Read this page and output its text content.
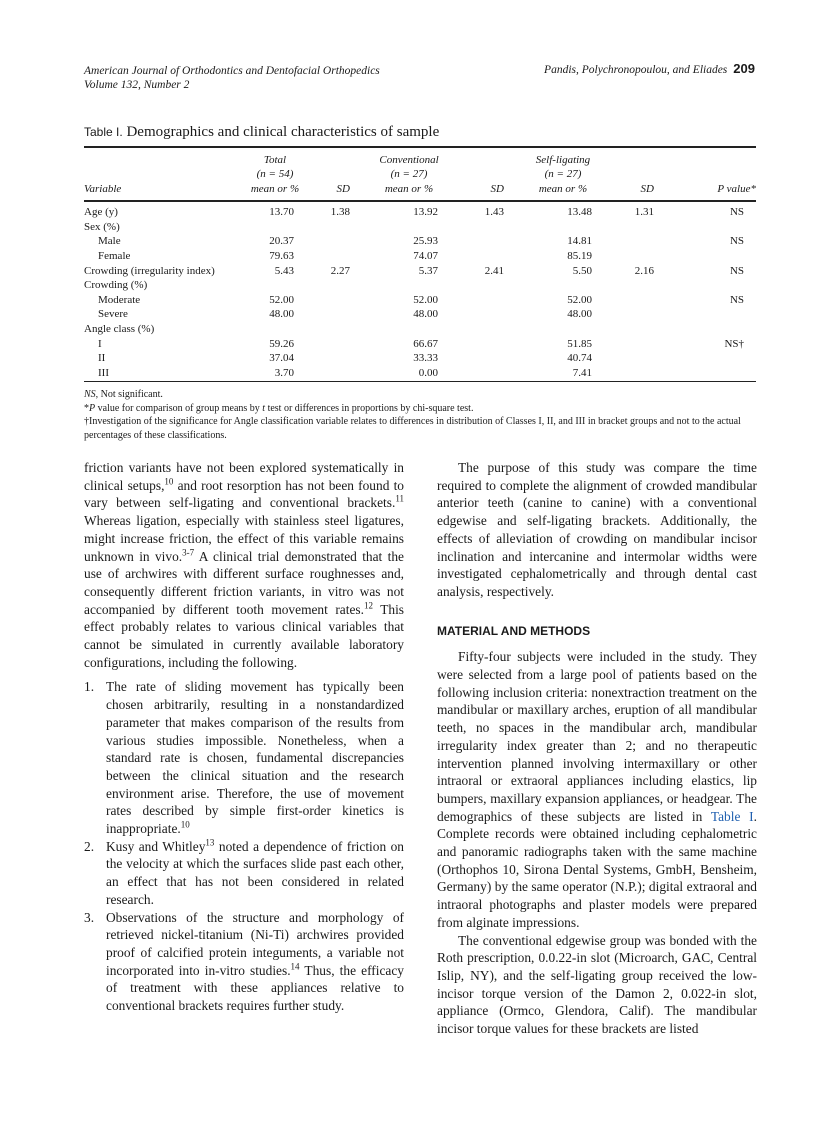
American Journal of Orthodontics and Dentofacial Orthopedics
Volume 132, Number 2
Pandis, Polychronopoulou, and Eliades 209
Table I. Demographics and clinical characteristics of sample
	Total		Conventional		Self-ligating		
	(n = 54)		(n = 27)		(n = 27)		
Variable	mean or %	SD	mean or %	SD	mean or %	SD	P value*
Age (y)	13.70	1.38	13.92	1.43	13.48	1.31	NS
Sex (%)							
Male	20.37		25.93		14.81		NS
Female	79.63		74.07		85.19		
Crowding (irregularity index)	5.43	2.27	5.37	2.41	5.50	2.16	NS
Crowding (%)							
Moderate	52.00		52.00		52.00		NS
Severe	48.00		48.00		48.00		
Angle class (%)							
I	59.26		66.67		51.85		NS†
II	37.04		33.33		40.74		
III	3.70		0.00		7.41		
NS, Not significant.
*P value for comparison of group means by t test or differences in proportions by chi-square test.
†Investigation of the significance for Angle classification variable relates to differences in distribution of Classes I, II, and III in bracket groups and not to the actual percentages of these classifications.

friction variants have not been explored systematically in clinical setups,$^{10}$ and root resorption has not been found to vary between self-ligating and conventional brackets.$^{11}$ Whereas ligation, especially with stainless steel ligatures, might increase friction, the effect of this variable remains unknown in vivo.$^{3-7}$ A clinical trial demonstrated that the use of archwires with different surface roughnesses and, consequently different friction variants, in vitro was not accompanied by different tooth movement rates.$^{12}$ This effect probably relates to various clinical variables that cannot be simulated in currently available laboratory configurations, including the following.

1. The rate of sliding movement has typically been chosen arbitrarily, resulting in a nonstandardized parameter that makes comparison of the results from various studies impossible. Nonetheless, when a standard rate is chosen, fundamental discrepancies between the clinical situation and the research environment arise. Therefore, the use of movement rates described by simple first-order kinetics is inappropriate.$^{10}$
2. Kusy and Whitley$^{13}$ noted a dependence of friction on the velocity at which the surfaces slide past each other, an effect that has not been considered in related research.
3. Observations of the structure and morphology of retrieved nickel-titanium (Ni-Ti) archwires provided proof of calcified protein integuments, a variable not incorporated into in-vitro studies.$^{14}$ Thus, the efficacy of treatment with these appliances relative to conventional brackets requires further study.

The purpose of this study was compare the time required to complete the alignment of crowded mandibular anterior teeth (canine to canine) with a conventional edgewise and self-ligating brackets. Additionally, the effects of alleviation of crowding on mandibular incisor inclination and intercanine and intermolar widths were investigated cephalometrically and through dental cast analysis, respectively.

MATERIAL AND METHODS

Fifty-four subjects were included in the study. They were selected from a large pool of patients based on the following inclusion criteria: nonextraction treatment on the mandibular or maxillary arches, eruption of all mandibular teeth, no spaces in the mandibular arch, mandibular irregularity index greater than 2; and no therapeutic intervention planned involving intermaxillary or other intraoral or extraoral appliances including elastics, lip bumpers, maxillary expansion appliances, or headgear. The demographics of these subjects are listed in Table I. Complete records were obtained including cephalometric and panoramic radiographs taken with the same machine (Orthophos 10, Sirona Dental Systems, GmbH, Bensheim, Germany) by the same operator (N.P.); digital extraoral and intraoral photographs and plaster models were prepared from alginate impressions.

The conventional edgewise group was bonded with the Roth prescription, 0.0.22-in slot (Microarch, GAC, Central Islip, NY), and the self-ligating group received the low-incisor torque version of the Damon 2, 0.022-in slot, appliance (Ormco, Glendora, Calif). The mandibular incisor torque values for these brackets are listed
